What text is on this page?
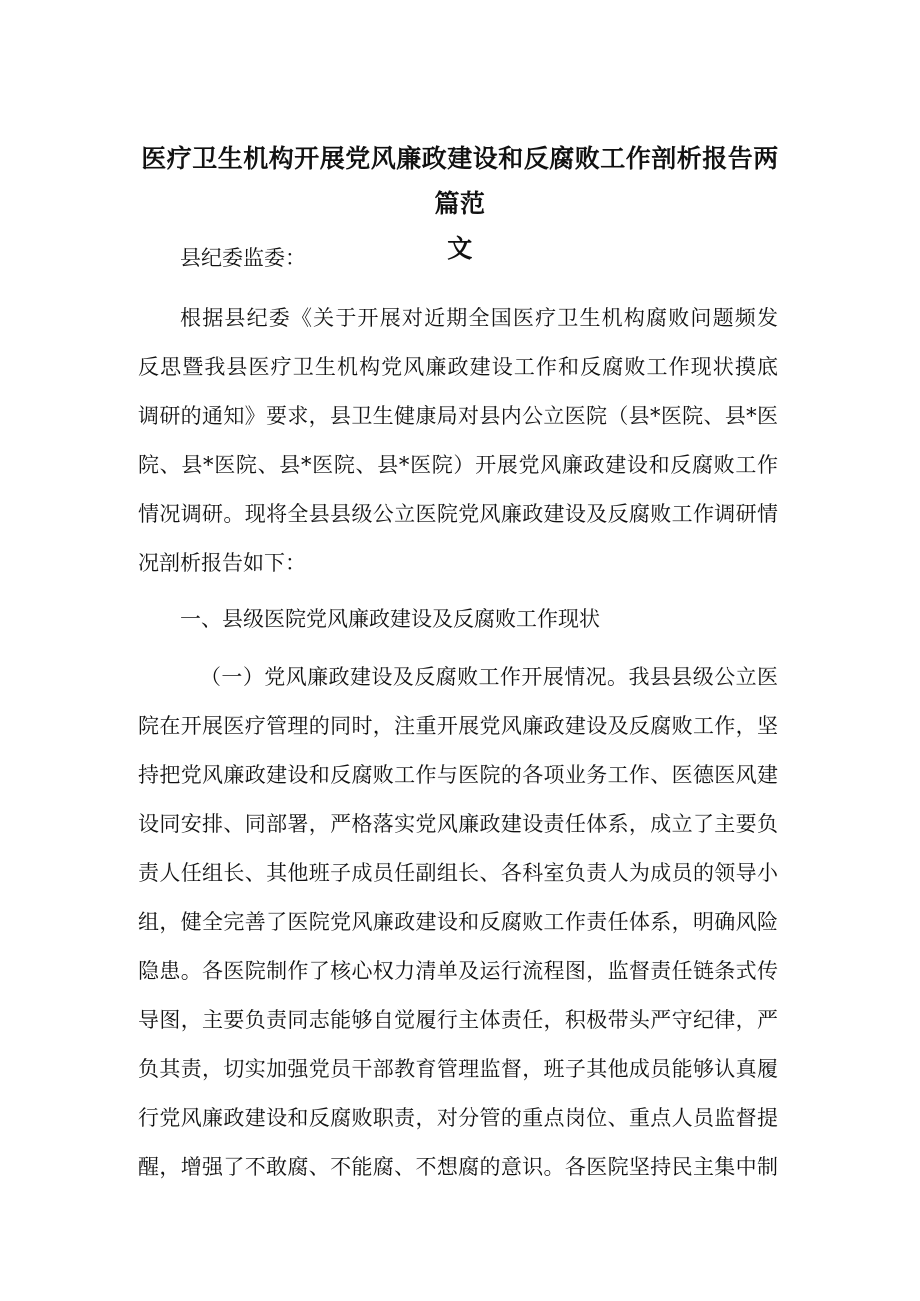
医疗卫生机构开展党风廉政建设和反腐败工作剖析报告两篇范
文
县纪委监委：
根据县纪委《关于开展对近期全国医疗卫生机构腐败问题频发
反思暨我县医疗卫生机构党风廉政建设工作和反腐败工作现状摸底
调研的通知》要求，县卫生健康局对县内公立医院（县*医院、县*医
院、县*医院、县*医院、县*医院）开展党风廉政建设和反腐败工作
情况调研。现将全县县级公立医院党风廉政建设及反腐败工作调研情
况剖析报告如下：
一、县级医院党风廉政建设及反腐败工作现状
（一）党风廉政建设及反腐败工作开展情况。我县县级公立医
院在开展医疗管理的同时，注重开展党风廉政建设及反腐败工作，坚
持把党风廉政建设和反腐败工作与医院的各项业务工作、医德医风建
设同安排、同部署，严格落实党风廉政建设责任体系，成立了主要负
责人任组长、其他班子成员任副组长、各科室负责人为成员的领导小
组，健全完善了医院党风廉政建设和反腐败工作责任体系，明确风险
隐患。各医院制作了核心权力清单及运行流程图，监督责任链条式传
导图，主要负责同志能够自觉履行主体责任，积极带头严守纪律，严
负其责，切实加强党员干部教育管理监督，班子其他成员能够认真履
行党风廉政建设和反腐败职责，对分管的重点岗位、重点人员监督提
醒，增强了不敢腐、不能腐、不想腐的意识。各医院坚持民主集中制
